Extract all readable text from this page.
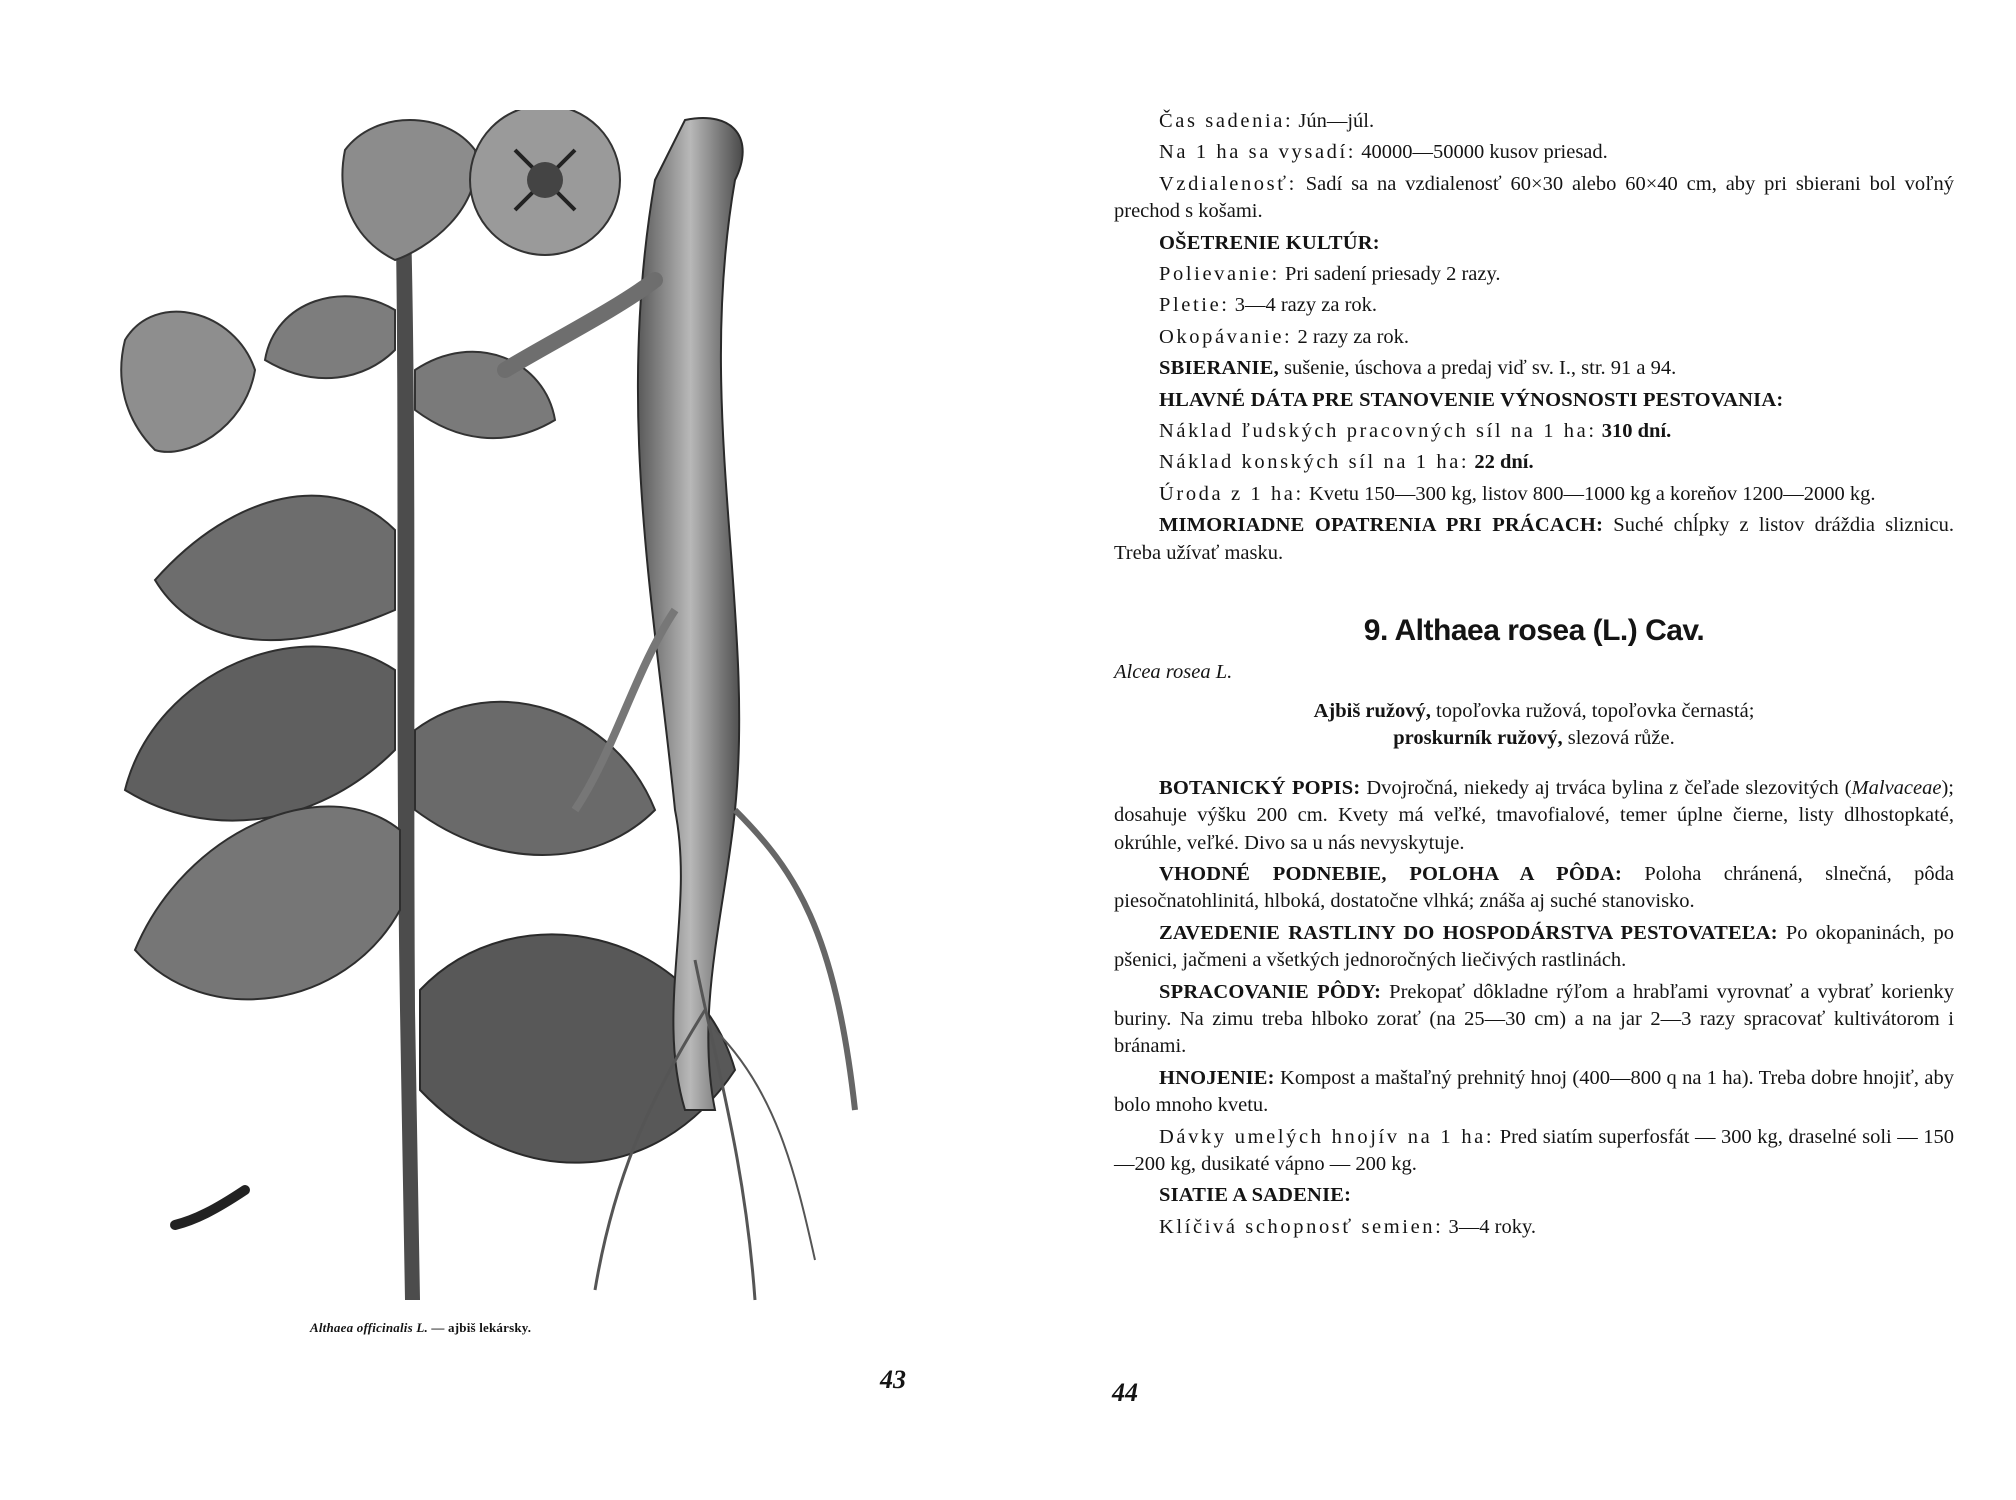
Althaea officinalis L. — ajbiš lekársky.
43

Čas sadenia: Jún—júl.

Na 1 ha sa vysadí: 40000—50000 kusov priesad.

Vzdialenosť: Sadí sa na vzdialenosť 60×30 alebo 60×40 cm, aby pri sbierani bol voľný prechod s košami.

OŠETRENIE KULTÚR:

Polievanie: Pri sadení priesady 2 razy.

Pletie: 3—4 razy za rok.

Okopávanie: 2 razy za rok.

SBIERANIE, sušenie, úschova a predaj viď sv. I., str. 91 a 94.

HLAVNÉ DÁTA PRE STANOVENIE VÝNOSNOSTI PESTOVANIA:

Náklad ľudských pracovných síl na 1 ha: 310 dní.

Náklad konských síl na 1 ha: 22 dní.

Úroda z 1 ha: Kvetu 150—300 kg, listov 800—1000 kg a koreňov 1200—2000 kg.

MIMORIADNE OPATRENIA PRI PRÁCACH: Suché chĺpky z listov dráždia sliznicu. Treba užívať masku.

9. Althaea rosea (L.) Cav.

Alcea rosea L.

Ajbiš ružový, topoľovka ružová, topoľovka černastá;
proskurník ružový, slezová růže.

BOTANICKÝ POPIS: Dvojročná, niekedy aj trváca bylina z čeľade slezovitých (Malvaceae); dosahuje výšku 200 cm. Kvety má veľké, tmavofialové, temer úplne čierne, listy dlhostopkaté, okrúhle, veľké. Divo sa u nás nevyskytuje.

VHODNÉ PODNEBIE, POLOHA A PÔDA: Poloha chránená, slnečná, pôda piesočnatohlinitá, hlboká, dostatočne vlhká; znáša aj suché stanovisko.

ZAVEDENIE RASTLINY DO HOSPODÁRSTVA PESTOVATEĽA: Po okopaninách, po pšenici, jačmeni a všetkých jednoročných liečivých rastlinách.

SPRACOVANIE PÔDY: Prekopať dôkladne rýľom a hrabľami vyrovnať a vybrať korienky buriny. Na zimu treba hlboko zorať (na 25—30 cm) a na jar 2—3 razy spracovať kultivátorom i bránami.

HNOJENIE: Kompost a maštaľný prehnitý hnoj (400—800 q na 1 ha). Treba dobre hnojiť, aby bolo mnoho kvetu.

Dávky umelých hnojív na 1 ha: Pred siatím superfosfát — 300 kg, draselné soli — 150—200 kg, dusikaté vápno — 200 kg.

SIATIE A SADENIE:

Klíčivá schopnosť semien: 3—4 roky.

44
